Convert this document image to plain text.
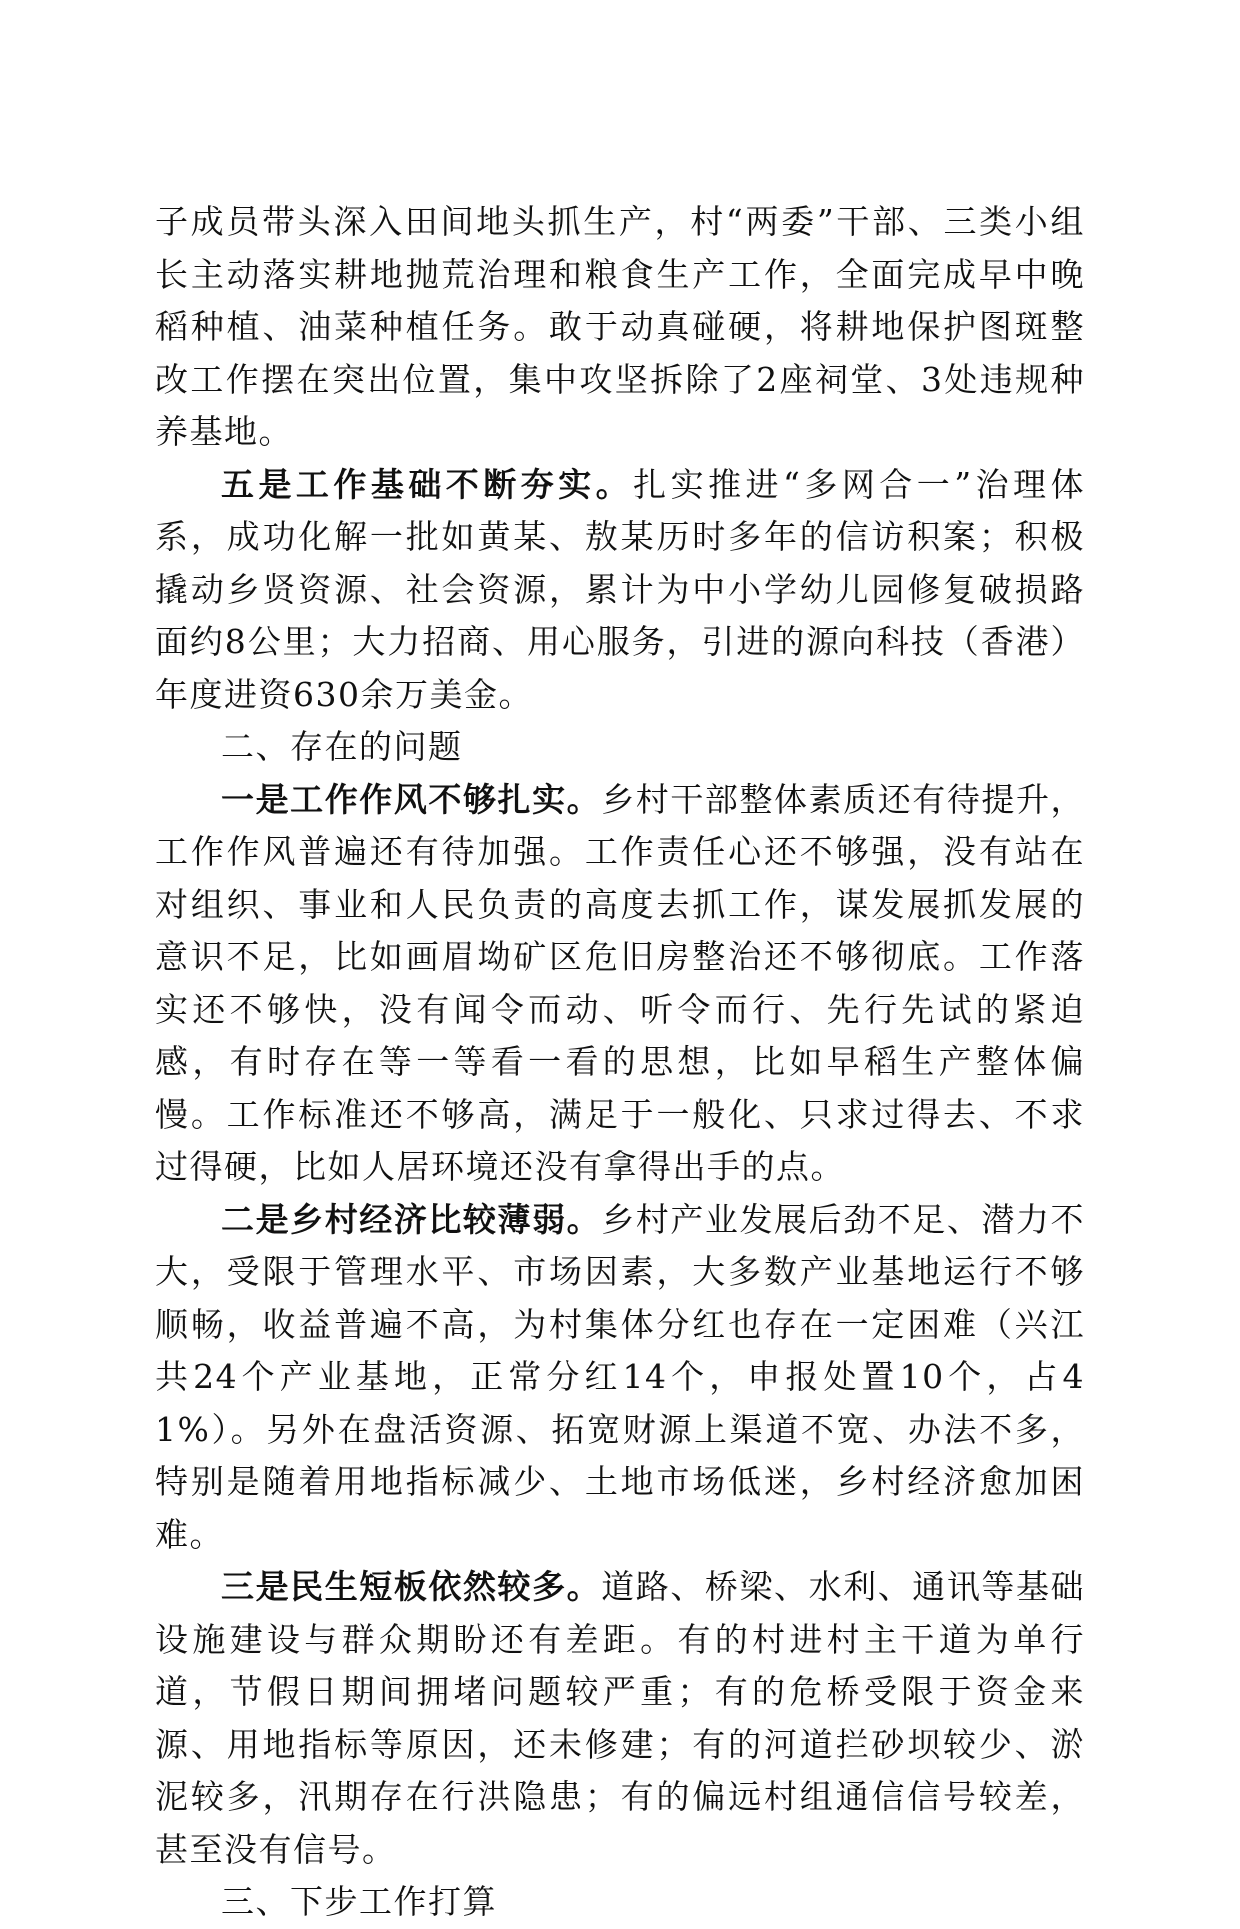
子成员带头深入田间地头抓生产，村“两委”干部、三类小组长主动落实耕地抛荒治理和粮食生产工作，全面完成早中晚稻种植、油菜种植任务。敢于动真碰硬，将耕地保护图斑整改工作摆在突出位置，集中攻坚拆除了2座祠堂、3处违规种养基地。

五是工作基础不断夯实。扎实推进“多网合一”治理体系，成功化解一批如黄某、敖某历时多年的信访积案；积极撬动乡贤资源、社会资源，累计为中小学幼儿园修复破损路面约8公里；大力招商、用心服务，引进的源向科技（香港）年度进资630余万美金。

二、存在的问题

一是工作作风不够扎实。乡村干部整体素质还有待提升，工作作风普遍还有待加强。工作责任心还不够强，没有站在对组织、事业和人民负责的高度去抓工作，谋发展抓发展的意识不足，比如画眉坳矿区危旧房整治还不够彻底。工作落实还不够快，没有闻令而动、听令而行、先行先试的紧迫感，有时存在等一等看一看的思想，比如早稻生产整体偏慢。工作标准还不够高，满足于一般化、只求过得去、不求过得硬，比如人居环境还没有拿得出手的点。

二是乡村经济比较薄弱。乡村产业发展后劲不足、潜力不大，受限于管理水平、市场因素，大多数产业基地运行不够顺畅，收益普遍不高，为村集体分红也存在一定困难（兴江共24个产业基地，正常分红14个，申报处置10个，占41%）。另外在盘活资源、拓宽财源上渠道不宽、办法不多，特别是随着用地指标减少、土地市场低迷，乡村经济愈加困难。

三是民生短板依然较多。道路、桥梁、水利、通讯等基础设施建设与群众期盼还有差距。有的村进村主干道为单行道，节假日期间拥堵问题较严重；有的危桥受限于资金来源、用地指标等原因，还未修建；有的河道拦砂坝较少、淤泥较多，汛期存在行洪隐患；有的偏远村组通信信号较差，甚至没有信号。

三、下步工作打算
